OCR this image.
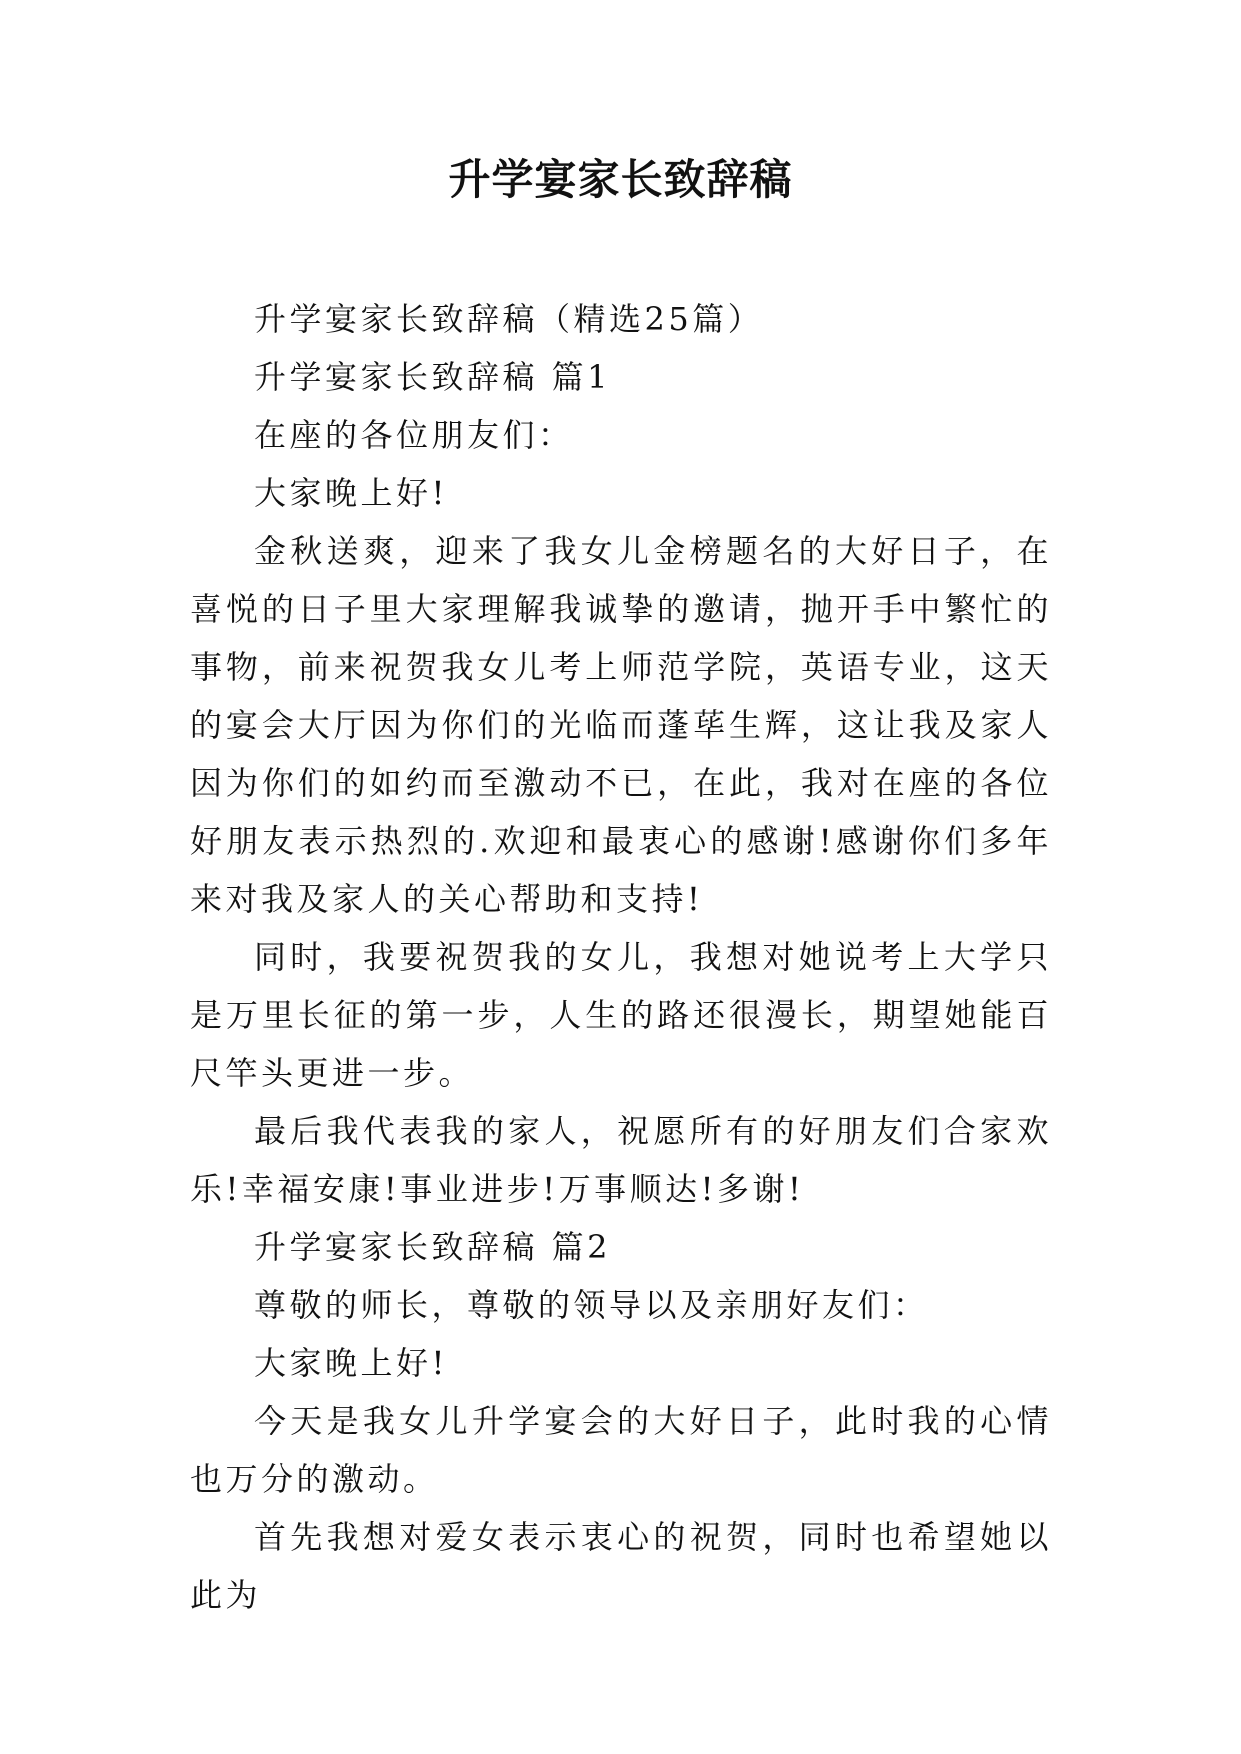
升学宴家长致辞稿

升学宴家长致辞稿（精选25篇）

升学宴家长致辞稿 篇1

在座的各位朋友们：

大家晚上好!

金秋送爽，迎来了我女儿金榜题名的大好日子，在喜悦的日子里大家理解我诚挚的邀请，抛开手中繁忙的事物，前来祝贺我女儿考上师范学院，英语专业，这天的宴会大厅因为你们的光临而蓬荜生辉，这让我及家人因为你们的如约而至激动不已，在此，我对在座的各位好朋友表示热烈的.欢迎和最衷心的感谢!感谢你们多年来对我及家人的关心帮助和支持!

同时，我要祝贺我的女儿，我想对她说考上大学只是万里长征的第一步，人生的路还很漫长，期望她能百尺竿头更进一步。

最后我代表我的家人，祝愿所有的好朋友们合家欢乐!幸福安康!事业进步!万事顺达!多谢!

升学宴家长致辞稿 篇2

尊敬的师长，尊敬的领导以及亲朋好友们：

大家晚上好!

今天是我女儿升学宴会的大好日子，此时我的心情也万分的激动。

首先我想对爱女表示衷心的祝贺，同时也希望她以此为
